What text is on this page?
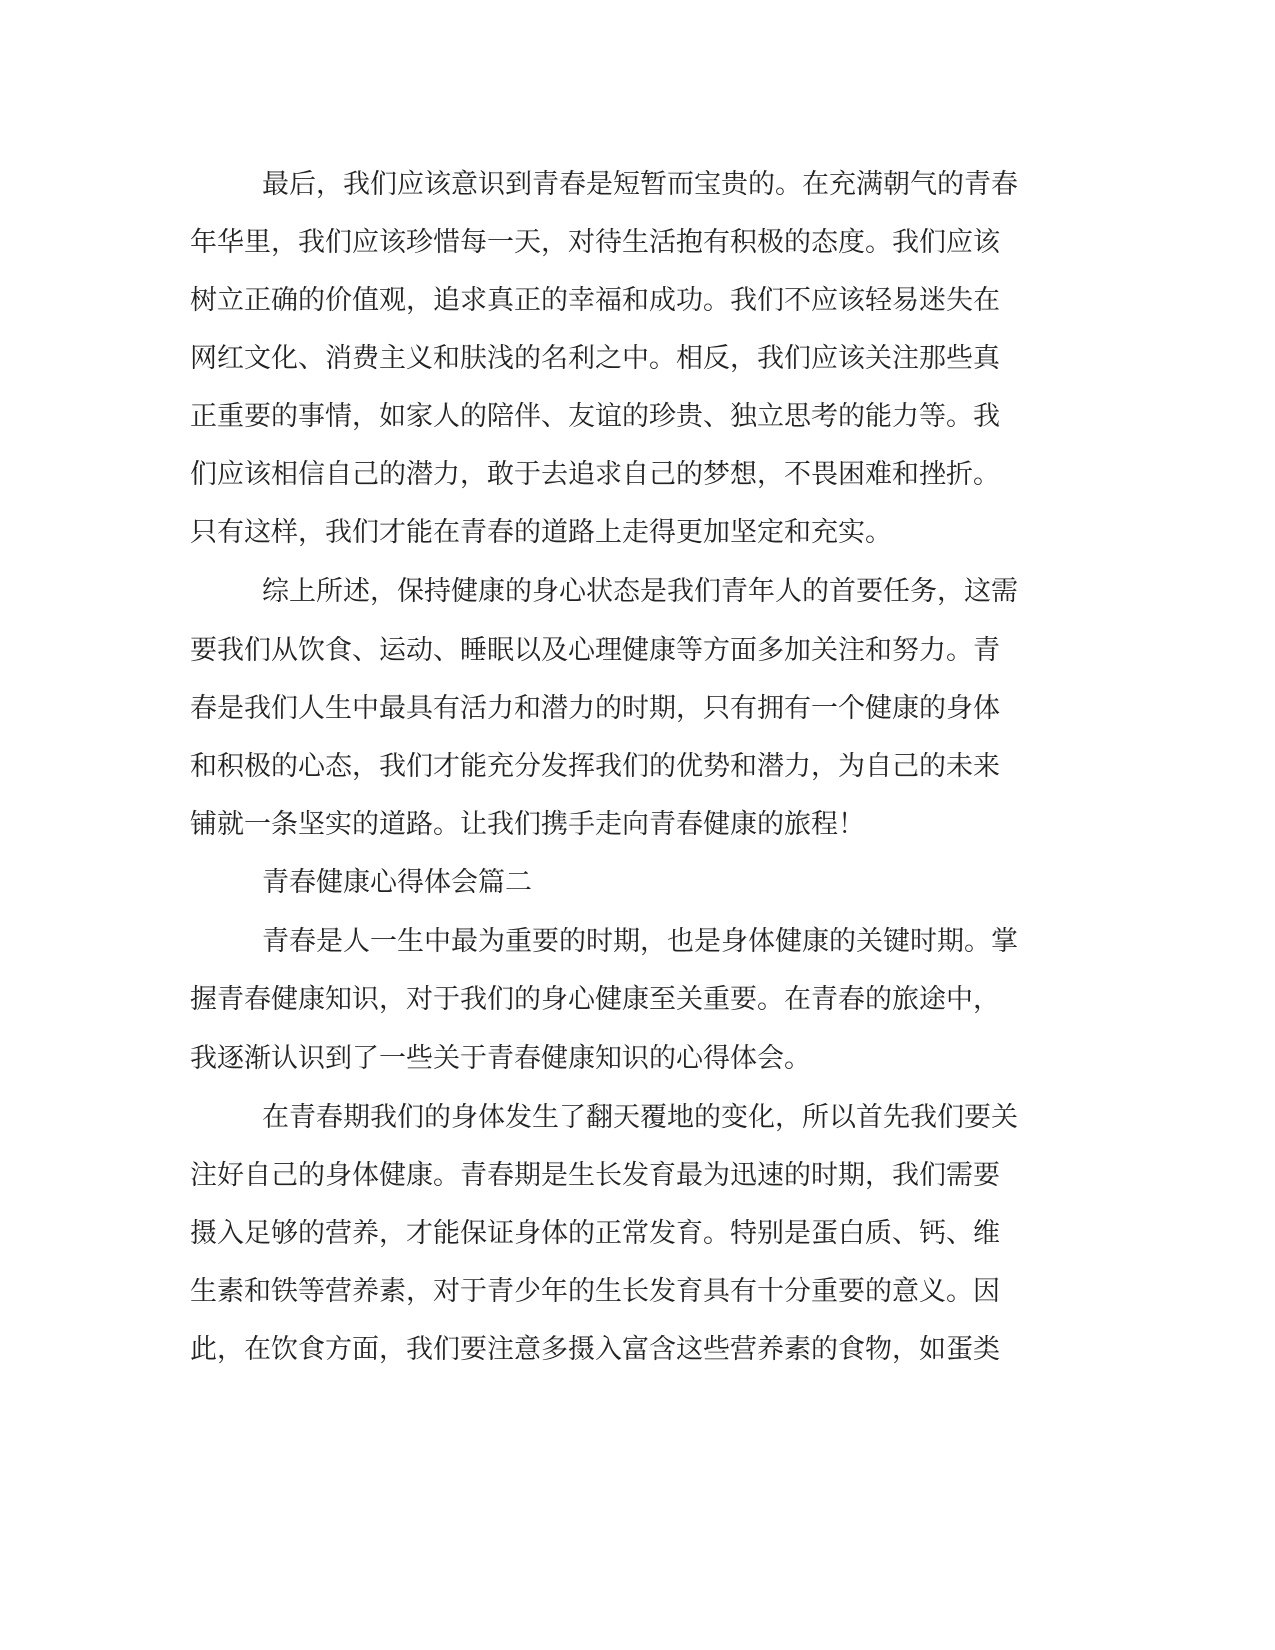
最后，我们应该意识到青春是短暂而宝贵的。在充满朝气的青春
年华里，我们应该珍惜每一天，对待生活抱有积极的态度。我们应该
树立正确的价值观，追求真正的幸福和成功。我们不应该轻易迷失在
网红文化、消费主义和肤浅的名利之中。相反，我们应该关注那些真
正重要的事情，如家人的陪伴、友谊的珍贵、独立思考的能力等。我
们应该相信自己的潜力，敢于去追求自己的梦想，不畏困难和挫折。
只有这样，我们才能在青春的道路上走得更加坚定和充实。
综上所述，保持健康的身心状态是我们青年人的首要任务，这需
要我们从饮食、运动、睡眠以及心理健康等方面多加关注和努力。青
春是我们人生中最具有活力和潜力的时期，只有拥有一个健康的身体
和积极的心态，我们才能充分发挥我们的优势和潜力，为自己的未来
铺就一条坚实的道路。让我们携手走向青春健康的旅程！
青春健康心得体会篇二
青春是人一生中最为重要的时期，也是身体健康的关键时期。掌
握青春健康知识，对于我们的身心健康至关重要。在青春的旅途中，
我逐渐认识到了一些关于青春健康知识的心得体会。
在青春期我们的身体发生了翻天覆地的变化，所以首先我们要关
注好自己的身体健康。青春期是生长发育最为迅速的时期，我们需要
摄入足够的营养，才能保证身体的正常发育。特别是蛋白质、钙、维
生素和铁等营养素，对于青少年的生长发育具有十分重要的意义。因
此，在饮食方面，我们要注意多摄入富含这些营养素的食物，如蛋类
